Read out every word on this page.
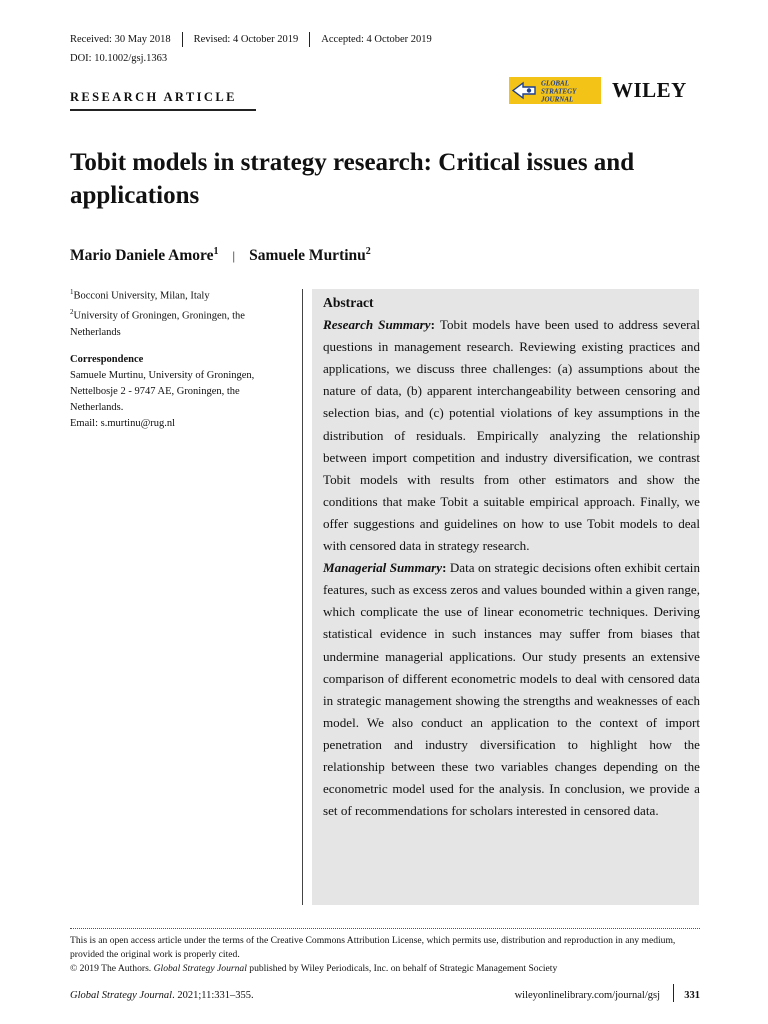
Received: 30 May 2018 Revised: 4 October 2019 Accepted: 4 October 2019
DOI: 10.1002/gsj.1363
RESEARCH ARTICLE
GLOBAL
STRATEGY
JOURNAL WILEY
Tobit models in strategy research: Critical issues and applications
Mario Daniele Amore$^1$ | Samuele Murtinu$^2$
$^1$Bocconi University, Milan, Italy
$^2$University of Groningen, Groningen, the Netherlands
Correspondence
Samuele Murtinu, University of Groningen, Nettelbosje 2 - 9747 AE, Groningen, the Netherlands.
Email: s.murtinu@rug.nl
Abstract
Research Summary: Tobit models have been used to address several questions in management research. Reviewing existing practices and applications, we discuss three challenges: (a) assumptions about the nature of data, (b) apparent interchangeability between censoring and selection bias, and (c) potential violations of key assumptions in the distribution of residuals. Empirically analyzing the relationship between import competition and industry diversification, we contrast Tobit models with results from other estimators and show the conditions that make Tobit a suitable empirical approach. Finally, we offer suggestions and guidelines on how to use Tobit models to deal with censored data in strategy research.
Managerial Summary: Data on strategic decisions often exhibit certain features, such as excess zeros and values bounded within a given range, which complicate the use of linear econometric techniques. Deriving statistical evidence in such instances may suffer from biases that undermine managerial applications. Our study presents an extensive comparison of different econometric models to deal with censored data in strategic management showing the strengths and weaknesses of each model. We also conduct an application to the context of import penetration and industry diversification to highlight how the relationship between these two variables changes depending on the econometric model used for the analysis. In conclusion, we provide a set of recommendations for scholars interested in censored data.
This is an open access article under the terms of the Creative Commons Attribution License, which permits use, distribution and reproduction in any medium, provided the original work is properly cited.
© 2019 The Authors. Global Strategy Journal published by Wiley Periodicals, Inc. on behalf of Strategic Management Society
Global Strategy Journal. 2021;11:331–355.	wileyonlinelibrary.com/journal/gsj 331
